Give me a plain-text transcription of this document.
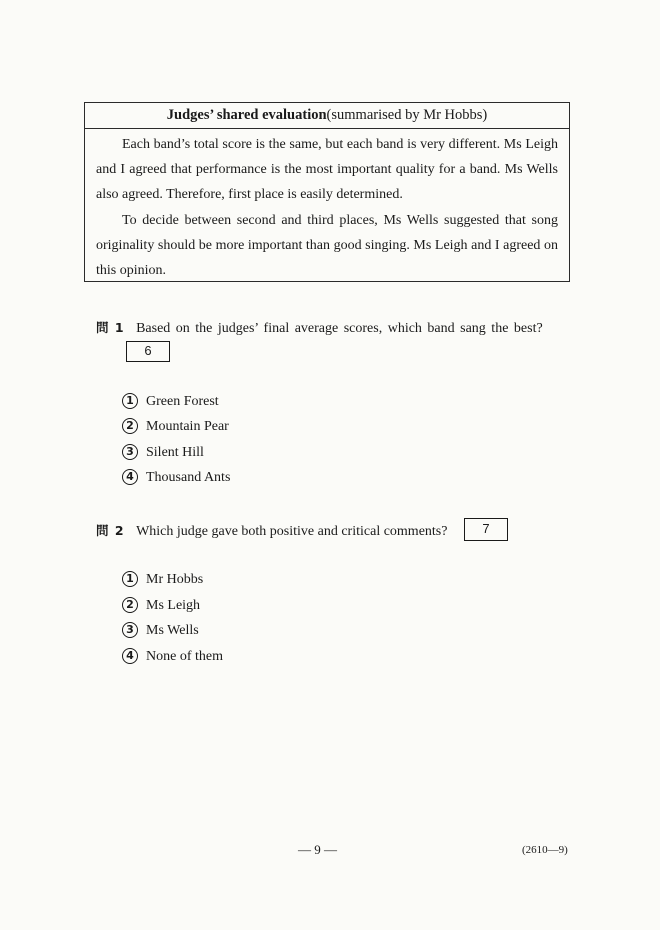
Judges’ shared evaluation(summarised by Mr Hobbs)

Each band’s total score is the same, but each band is very different. Ms Leigh and I agreed that performance is the most important quality for a band. Ms Wells also agreed. Therefore, first place is easily determined.

To decide between second and third places, Ms Wells suggested that song originality should be more important than good singing. Ms Leigh and I agreed on this opinion.

問 1 Based on the judges’ final average scores, which band sang the best?
6
1 Green Forest
2 Mountain Pear
3 Silent Hill
4 Thousand Ants
問 2 Which judge gave both positive and critical comments?	7
1 Mr Hobbs
2 Ms Leigh
3 Ms Wells
4 None of them
— 9 —	(2610—9)
